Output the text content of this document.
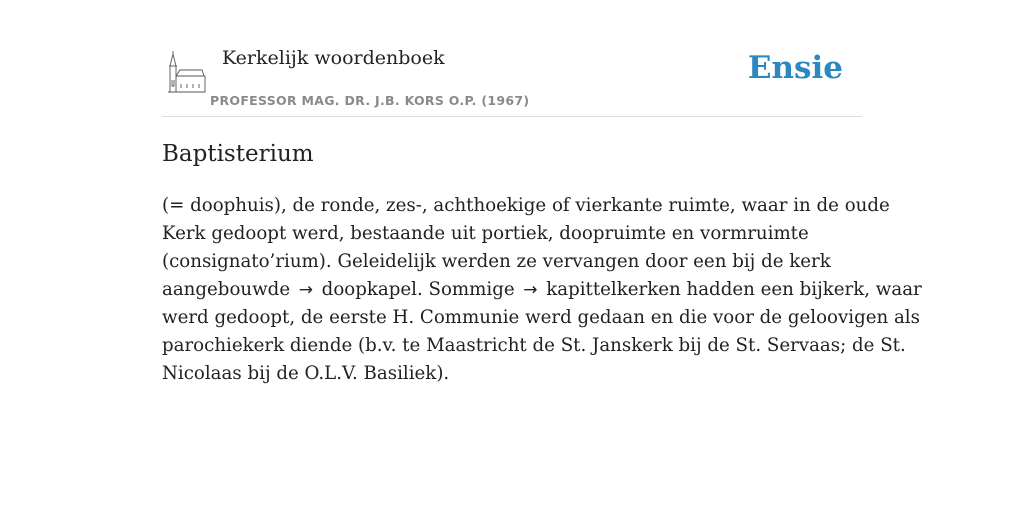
Kerkelijk woordenboek
PROFESSOR MAG. DR. J.B. KORS O.P. (1967)
Ensie
Baptisterium
(= doophuis), de ronde, zes-, achthoekige of vierkante ruimte, waar in de oude
Kerk gedoopt werd, bestaande uit portiek, doopruimte en vormruimte
(consignato’rium). Geleidelijk werden ze vervangen door een bij de kerk
aangebouwde → doopkapel. Sommige → kapittelkerken hadden een bijkerk, waar
werd gedoopt, de eerste H. Communie werd gedaan en die voor de geloovigen als
parochiekerk diende (b.v. te Maastricht de St. Janskerk bij de St. Servaas; de St.
Nicolaas bij de O.L.V. Basiliek).
